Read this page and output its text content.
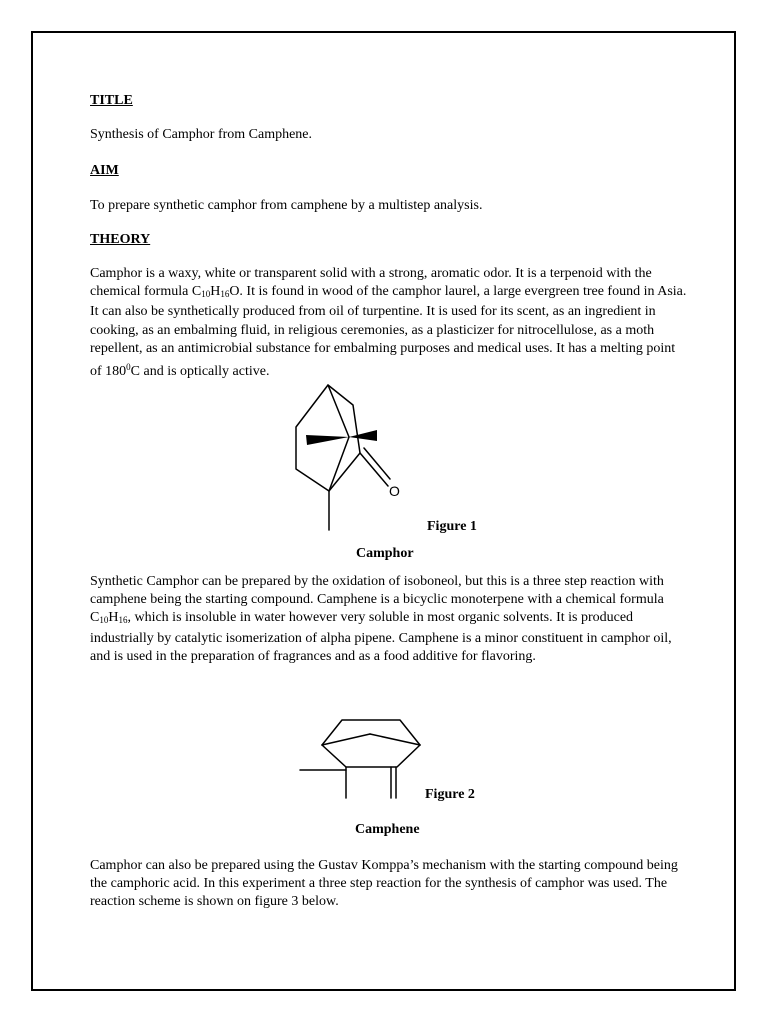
TITLE

Synthesis of Camphor from Camphene.

AIM

To prepare synthetic camphor from camphene by a multistep analysis.

THEORY

Camphor is a waxy, white or transparent solid with a strong, aromatic odor. It is a terpenoid with the chemical formula $C_{10}H_{16}O$. It is found in wood of the camphor laurel, a large evergreen tree found in Asia. It can also be synthetically produced from oil of turpentine. It is used for its scent, as an ingredient in cooking, as an embalming fluid, in religious ceremonies, as a plasticizer for nitrocellulose, as a moth repellent, as an antimicrobial substance for embalming purposes and medical uses. It has a melting point of $180^0C$ and is optically active.

Figure 1

Camphor

Synthetic Camphor can be prepared by the oxidation of isoboneol, but this is a three step reaction with camphene being the starting compound. Camphene is a bicyclic monoterpene with a chemical formula $C_{10}H_{16}$, which is insoluble in water however very soluble in most organic solvents. It is produced industrially by catalytic isomerization of alpha pipene. Camphene is a minor constituent in camphor oil, and is used in the preparation of fragrances and as a food additive for flavoring.

Figure 2

Camphene

Camphor can also be prepared using the Gustav Komppa’s mechanism with the starting compound being the camphoric acid. In this experiment a three step reaction for the synthesis of camphor was used. The reaction scheme is shown on figure 3 below.

O
